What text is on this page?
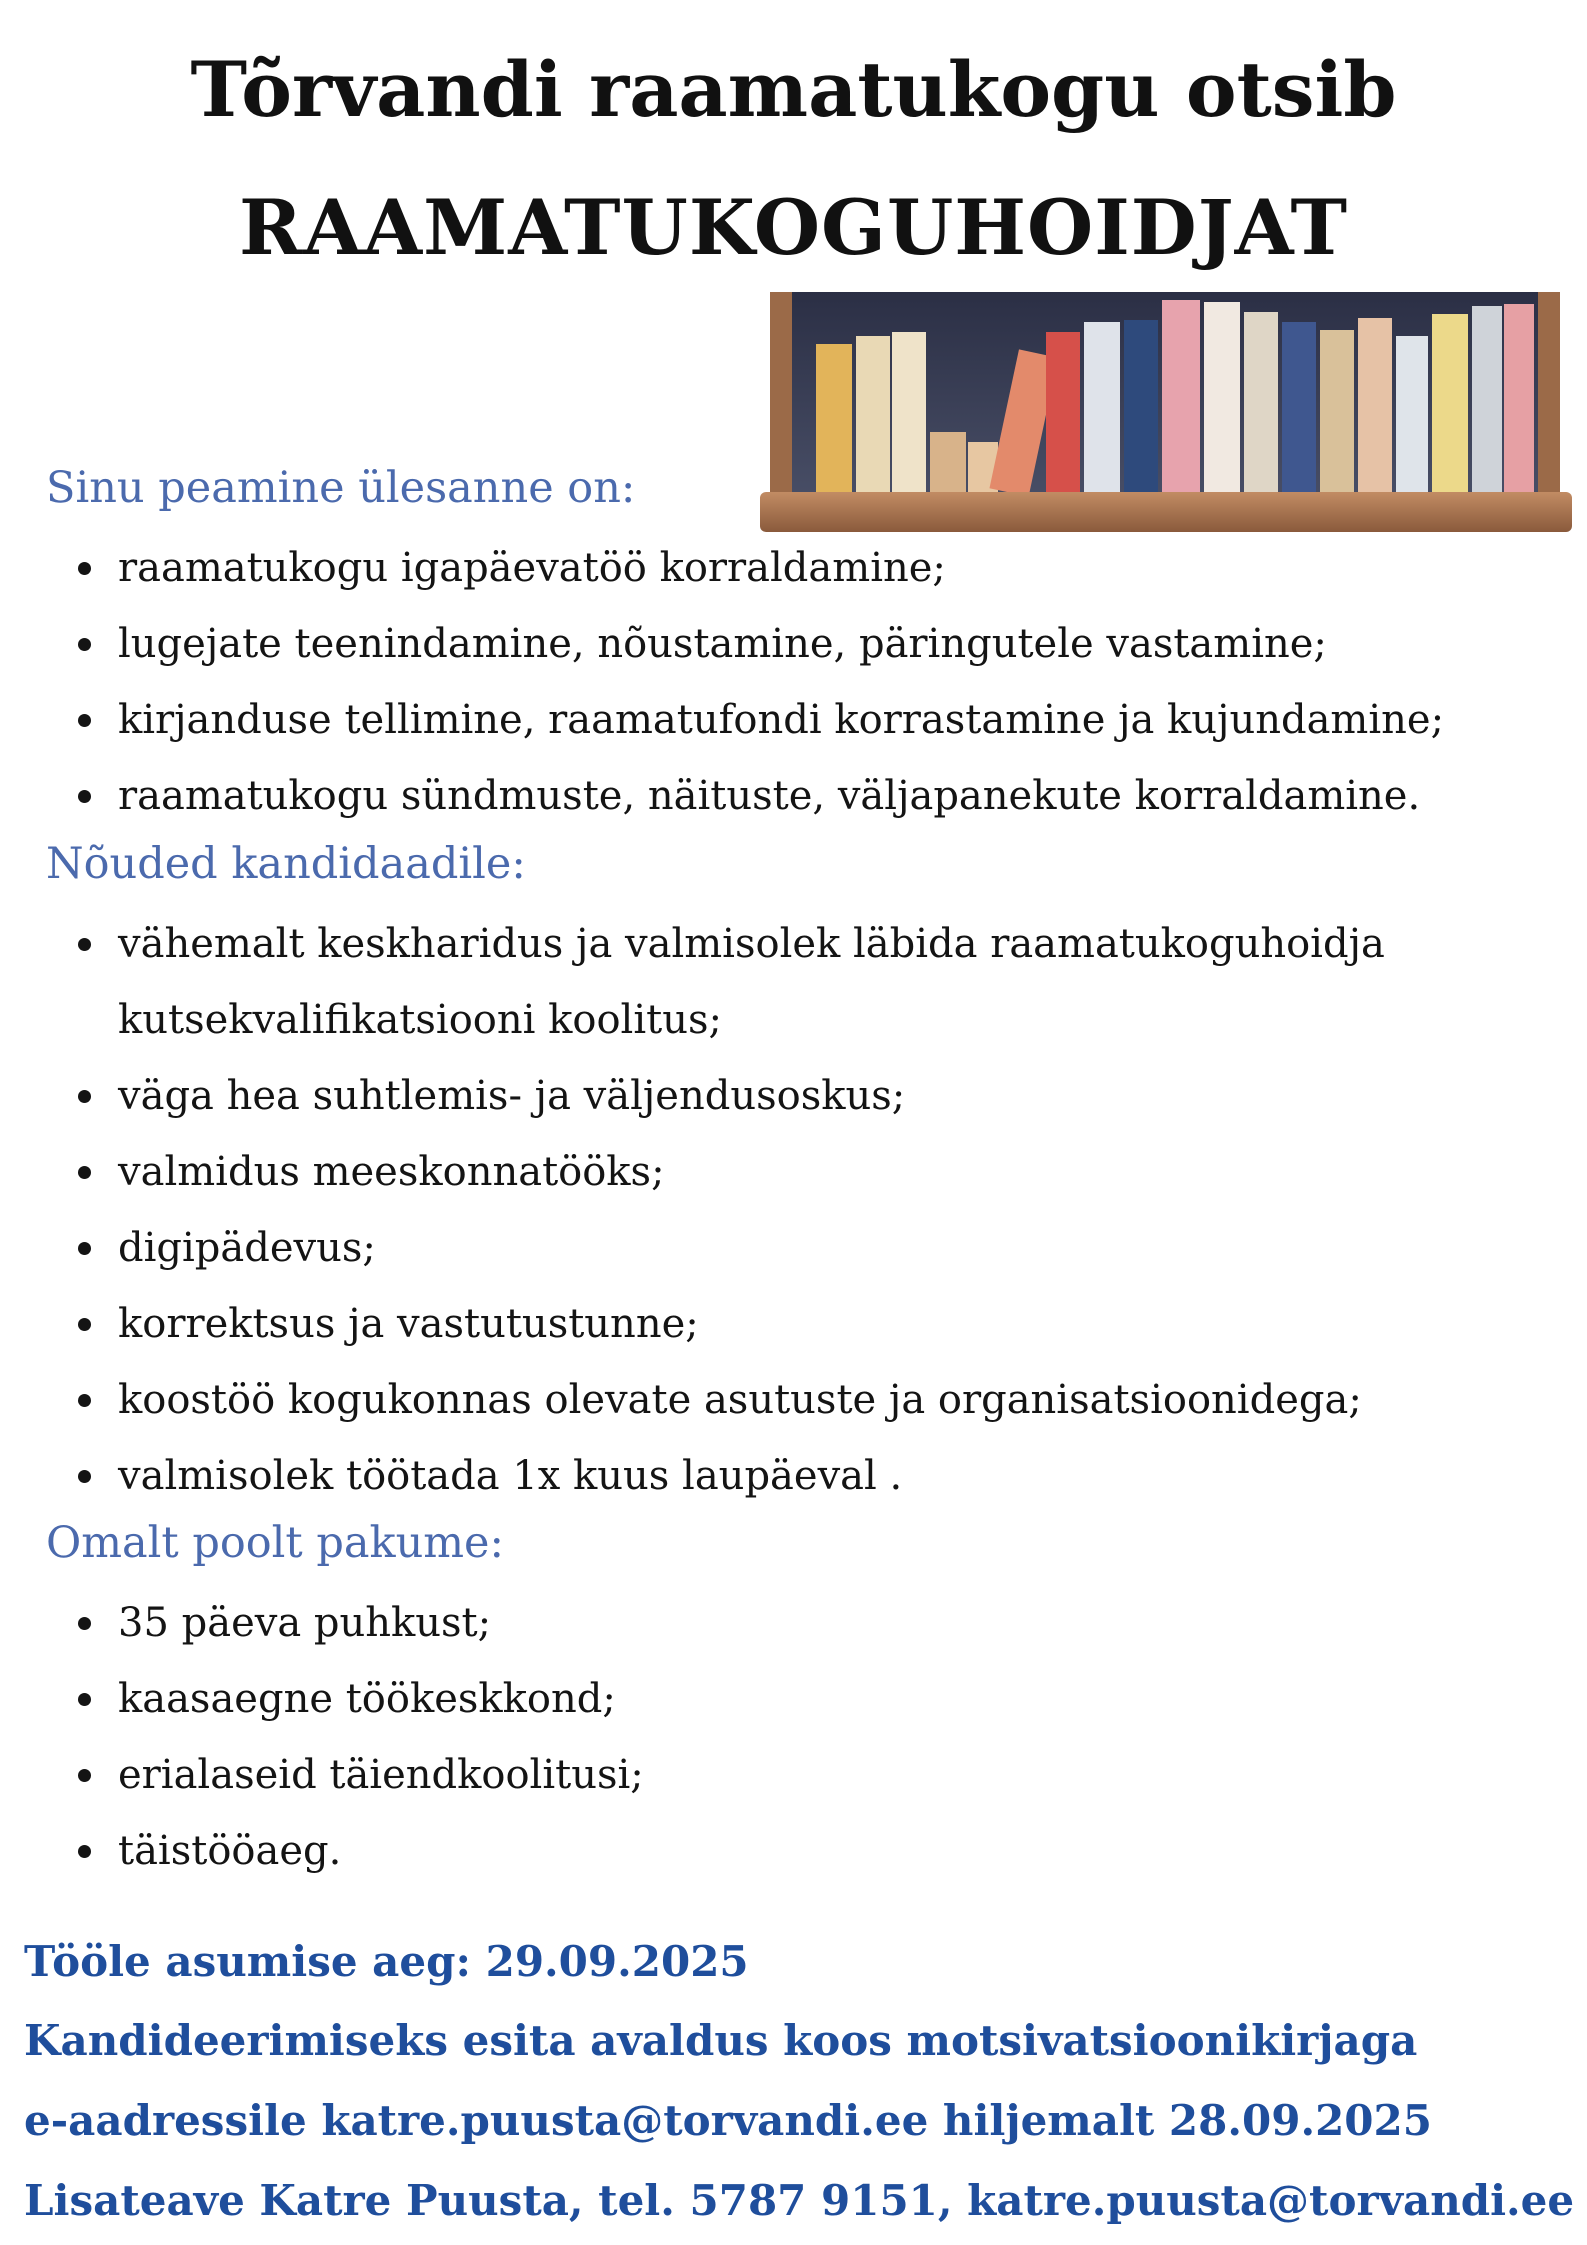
Tõrvandi raamatukogu otsib
RAAMATUKOGUHOIDJAT

Sinu peamine ülesanne on:

raamatukogu igapäevatöö korraldamine;
lugejate teenindamine, nõustamine, päringutele vastamine;
kirjanduse tellimine, raamatufondi korrastamine ja kujundamine;
raamatukogu sündmuste, näituste, väljapanekute korraldamine.

Nõuded kandidaadile:

vähemalt keskharidus ja valmisolek läbida raamatukoguhoidja
kutsekvalifikatsiooni koolitus;
väga hea suhtlemis- ja väljendusoskus;
valmidus meeskonnatööks;
digipädevus;
korrektsus ja vastutustunne;
koostöö kogukonnas olevate asutuste ja organisatsioonidega;
valmisolek töötada 1x kuus laupäeval .

Omalt poolt pakume:

35 päeva puhkust;
kaasaegne töökeskkond;
erialaseid täiendkoolitusi;
täistööaeg.

Tööle asumise aeg: 29.09.2025

Kandideerimiseks esita avaldus koos motsivatsioonikirjaga

e-aadressile katre.puusta@torvandi.ee hiljemalt 28.09.2025

Lisateave Katre Puusta, tel. 5787 9151, katre.puusta@torvandi.ee
